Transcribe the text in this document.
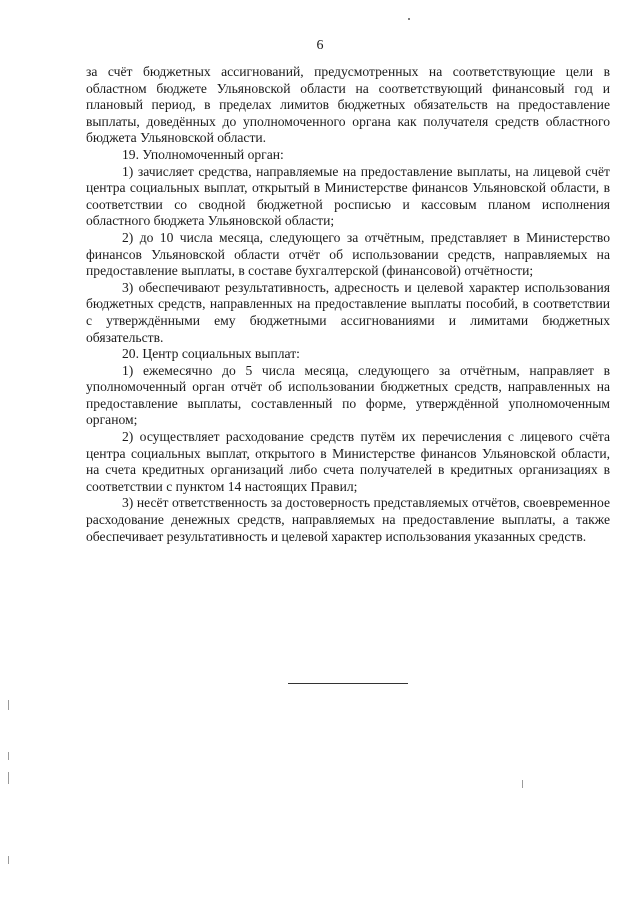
6

за счёт бюджетных ассигнований, предусмотренных на соответствующие цели в областном бюджете Ульяновской области на соответствующий финансовый год и плановый период, в пределах лимитов бюджетных обязательств на предоставление выплаты, доведённых до уполномоченного органа как получателя средств областного бюджета Ульяновской области.

19. Уполномоченный орган:

1) зачисляет средства, направляемые на предоставление выплаты, на лицевой счёт центра социальных выплат, открытый в Министерстве финансов Ульяновской области, в соответствии со сводной бюджетной росписью и кассовым планом исполнения областного бюджета Ульяновской области;

2) до 10 числа месяца, следующего за отчётным, представляет в Министерство финансов Ульяновской области отчёт об использовании средств, направляемых на предоставление выплаты, в составе бухгалтерской (финансовой) отчётности;

3) обеспечивают результативность, адресность и целевой характер использования бюджетных средств, направленных на предоставление выплаты пособий, в соответствии с утверждёнными ему бюджетными ассигнованиями и лимитами бюджетных обязательств.

20. Центр социальных выплат:

1) ежемесячно до 5 числа месяца, следующего за отчётным, направляет в уполномоченный орган отчёт об использовании бюджетных средств, направленных на предоставление выплаты, составленный по форме, утверждённой уполномоченным органом;

2) осуществляет расходование средств путём их перечисления с лицевого счёта центра социальных выплат, открытого в Министерстве финансов Ульяновской области, на счета кредитных организаций либо счета получателей в кредитных организациях в соответствии с пунктом 14 настоящих Правил;

3) несёт ответственность за достоверность представляемых отчётов, своевременное расходование денежных средств, направляемых на предоставление выплаты, а также обеспечивает результативность и целевой характер использования указанных средств.
